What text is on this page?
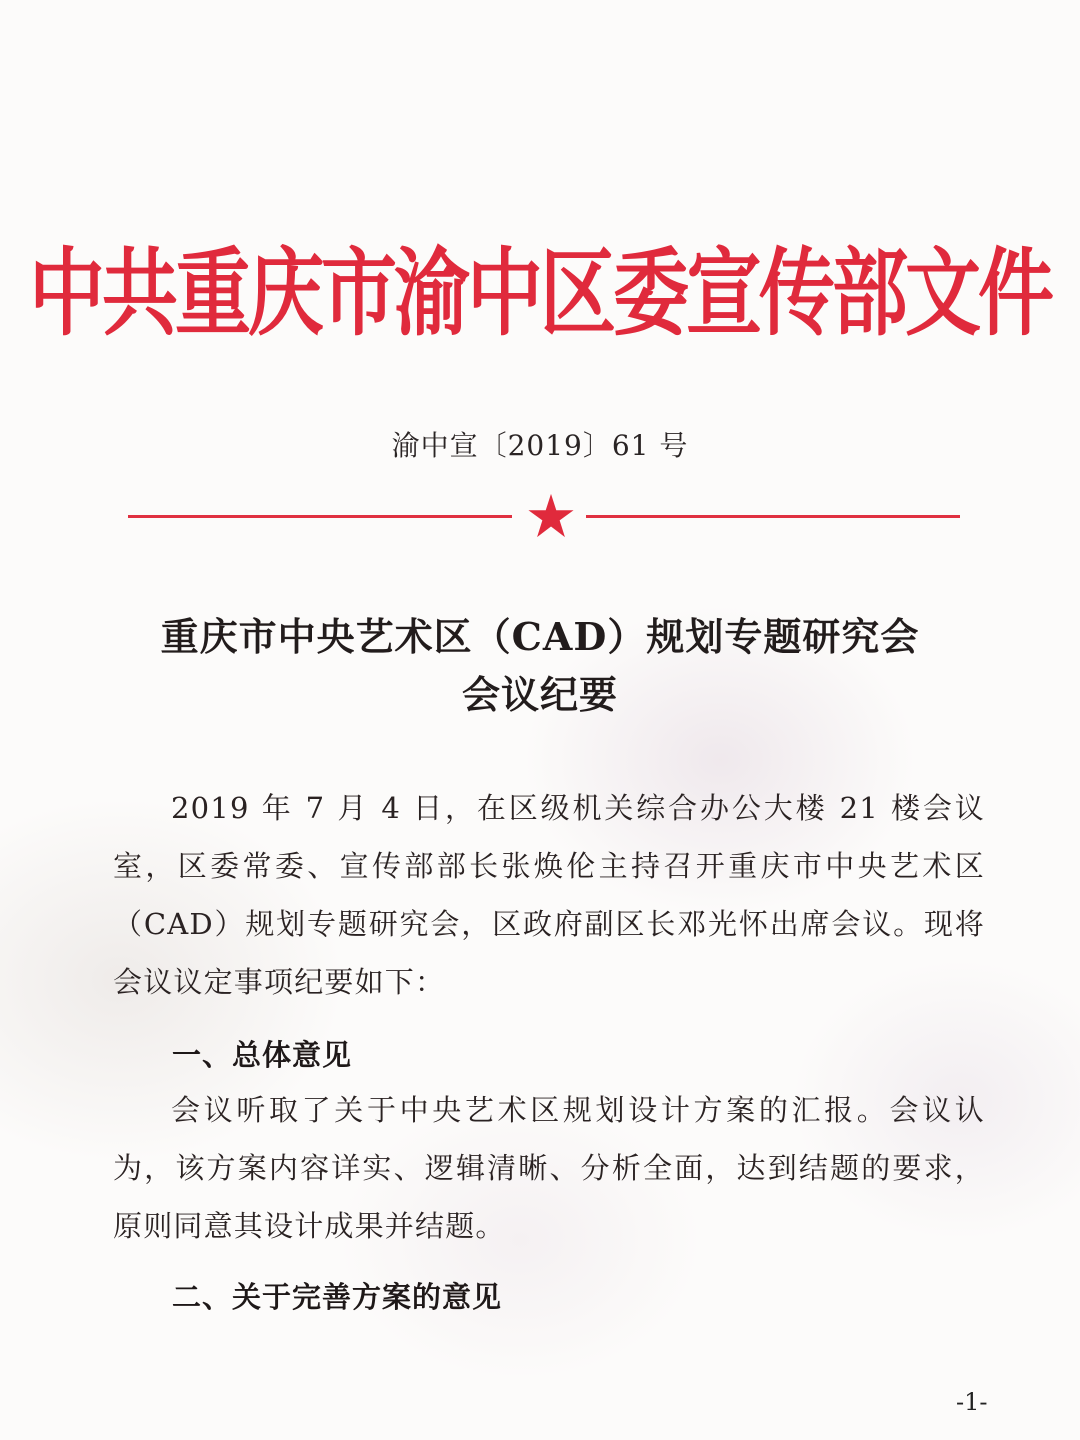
中共重庆市渝中区委宣传部文件
渝中宣〔2019〕61 号
重庆市中央艺术区（CAD）规划专题研究会
会议纪要
2019 年 7 月 4 日，在区级机关综合办公大楼 21 楼会议室，区委常委、宣传部部长张焕伦主持召开重庆市中央艺术区（CAD）规划专题研究会，区政府副区长邓光怀出席会议。现将会议议定事项纪要如下：
一、总体意见
会议听取了关于中央艺术区规划设计方案的汇报。会议认为，该方案内容详实、逻辑清晰、分析全面，达到结题的要求，原则同意其设计成果并结题。
二、关于完善方案的意见
-1-
